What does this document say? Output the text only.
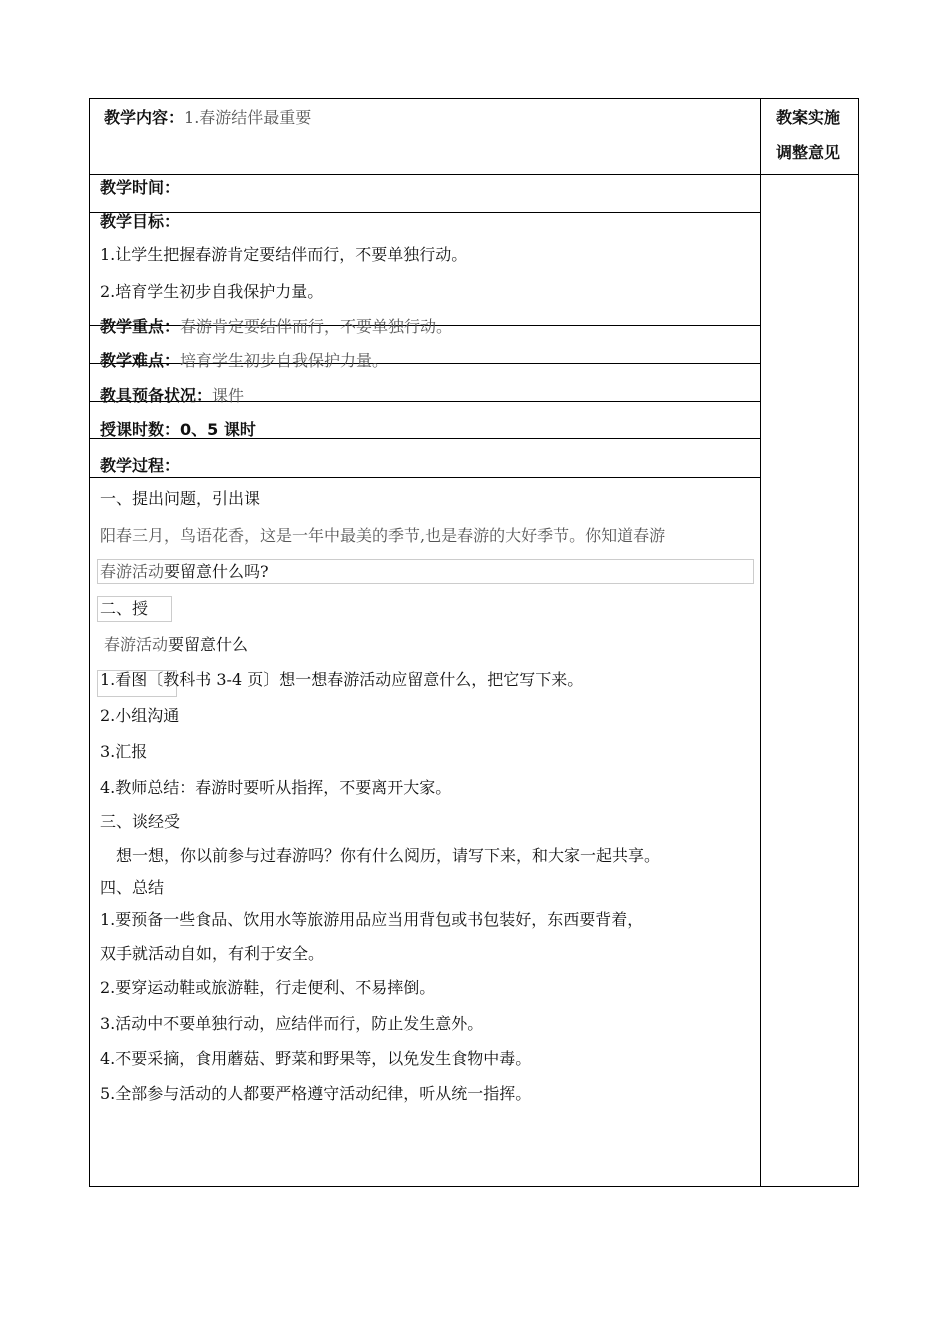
教学内容：1.春游结伴最重要	教案实施
调整意见
教学时间：
教学目标：
1.让学生把握春游肯定要结伴而行，不要单独行动。
2.培育学生初步自我保护力量。
教学重点：春游肯定要结伴而行，不要单独行动。
教学难点：培育学生初步自我保护力量。
教具预备状况：课件
授课时数：0、5 课时
教学过程：
一、提出问题，引出课
阳春三月，鸟语花香，这是一年中最美的季节,也是春游的大好季节。你知道春游
春游活动要留意什么吗?
二、授
春游活动要留意什么
1.看图〔教科书 3-4 页〕想一想春游活动应留意什么，把它写下来。
2.小组沟通
3.汇报
4.教师总结：春游时要听从指挥，不要离开大家。
三、谈经受
想一想，你以前参与过春游吗？你有什么阅历，请写下来，和大家一起共享。
四、总结
1.要预备一些食品、饮用水等旅游用品应当用背包或书包装好，东西要背着，
双手就活动自如，有利于安全。
2.要穿运动鞋或旅游鞋，行走便利、不易摔倒。
3.活动中不要单独行动，应结伴而行，防止发生意外。
4.不要采摘，食用蘑菇、野菜和野果等，以免发生食物中毒。
5.全部参与活动的人都要严格遵守活动纪律，听从统一指挥。
